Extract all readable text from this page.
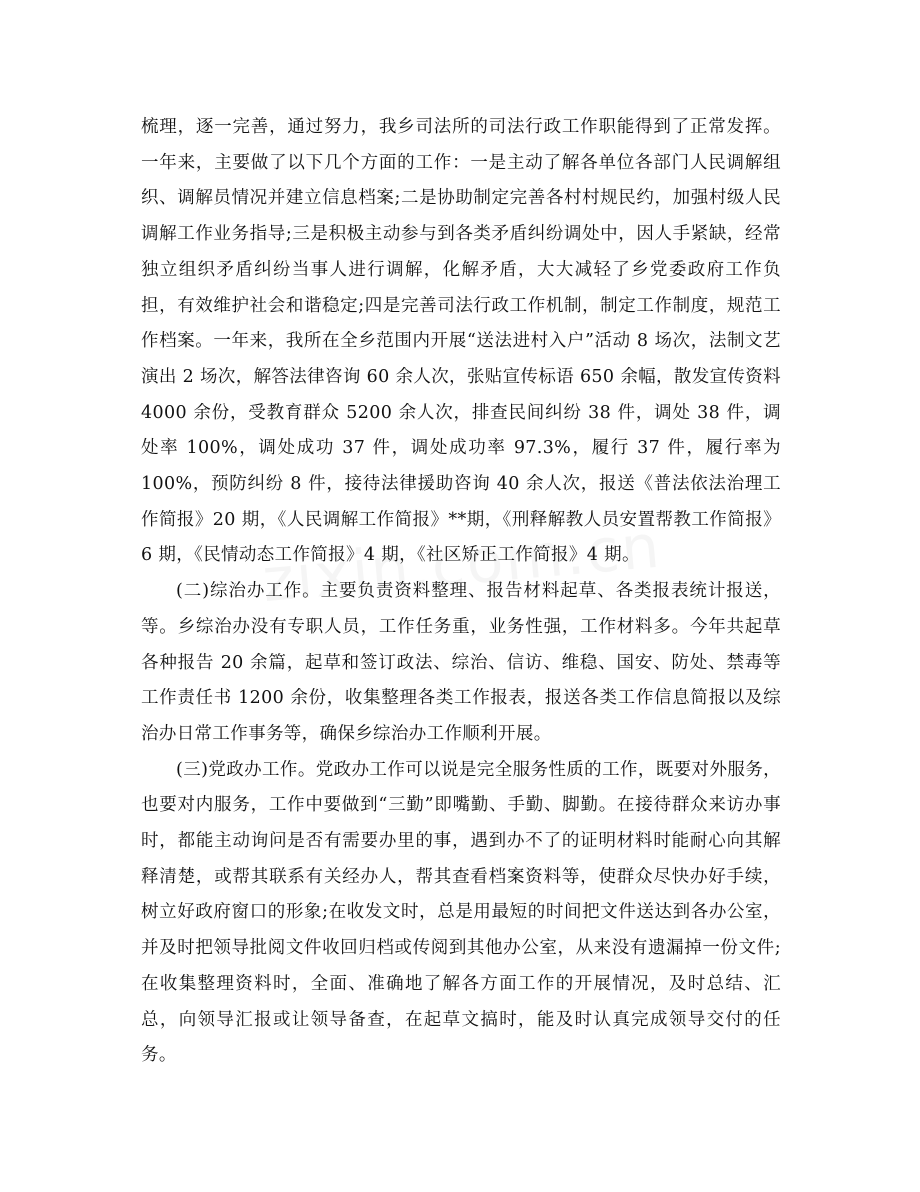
梳理，逐一完善，通过努力，我乡司法所的司法行政工作职能得到了正常发挥。一年来，主要做了以下几个方面的工作：一是主动了解各单位各部门人民调解组织、调解员情况并建立信息档案;二是协助制定完善各村村规民约，加强村级人民调解工作业务指导;三是积极主动参与到各类矛盾纠纷调处中，因人手紧缺，经常独立组织矛盾纠纷当事人进行调解，化解矛盾，大大减轻了乡党委政府工作负担，有效维护社会和谐稳定;四是完善司法行政工作机制，制定工作制度，规范工作档案。一年来，我所在全乡范围内开展“送法进村入户”活动 8 场次，法制文艺演出 2 场次，解答法律咨询 60 余人次，张贴宣传标语 650 余幅，散发宣传资料 4000 余份，受教育群众 5200 余人次，排查民间纠纷 38 件，调处 38 件，调处率 100%，调处成功 37 件，调处成功率 97.3%，履行 37 件，履行率为 100%，预防纠纷 8 件，接待法律援助咨询 40 余人次，报送《普法依法治理工作简报》20 期，《人民调解工作简报》**期，《刑释解教人员安置帮教工作简报》6 期，《民情动态工作简报》4 期，《社区矫正工作简报》4 期。

(二)综治办工作。主要负责资料整理、报告材料起草、各类报表统计报送，等。乡综治办没有专职人员，工作任务重，业务性强，工作材料多。今年共起草各种报告 20 余篇，起草和签订政法、综治、信访、维稳、国安、防处、禁毒等工作责任书 1200 余份，收集整理各类工作报表，报送各类工作信息简报以及综治办日常工作事务等，确保乡综治办工作顺利开展。

(三)党政办工作。党政办工作可以说是完全服务性质的工作，既要对外服务，也要对内服务，工作中要做到“三勤”即嘴勤、手勤、脚勤。在接待群众来访办事时，都能主动询问是否有需要办里的事，遇到办不了的证明材料时能耐心向其解释清楚，或帮其联系有关经办人，帮其查看档案资料等，使群众尽快办好手续，树立好政府窗口的形象;在收发文时，总是用最短的时间把文件送达到各办公室，并及时把领导批阅文件收回归档或传阅到其他办公室，从来没有遗漏掉一份文件;在收集整理资料时，全面、准确地了解各方面工作的开展情况，及时总结、汇总，向领导汇报或让领导备查，在起草文搞时，能及时认真完成领导交付的任务。
